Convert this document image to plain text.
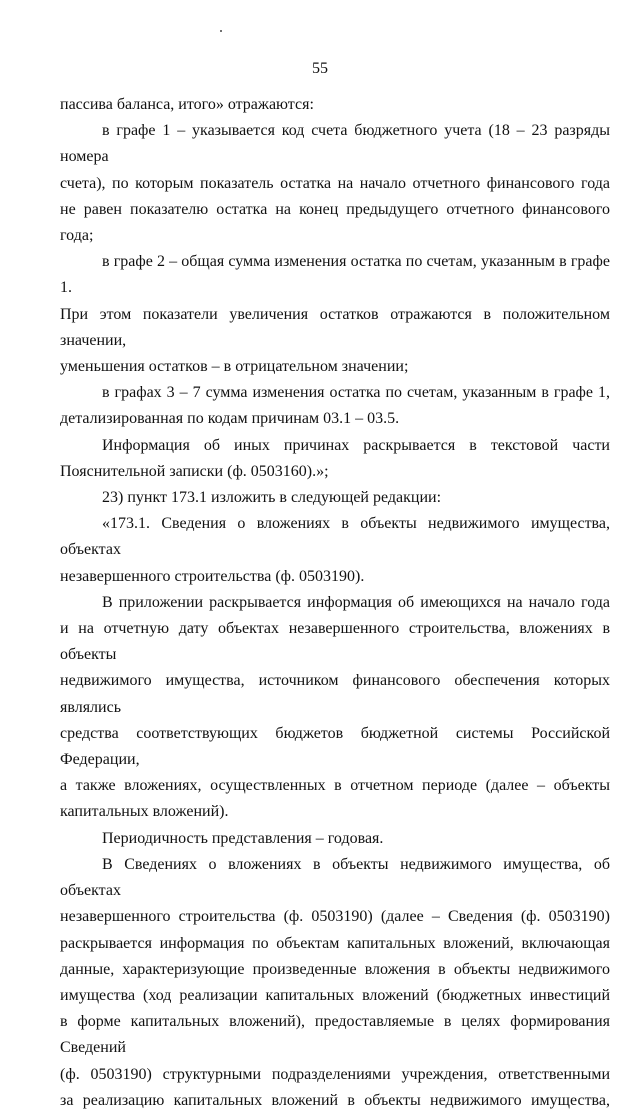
55
пассива баланса, итого» отражаются:
в графе 1 – указывается код счета бюджетного учета (18 – 23 разряды номера
счета), по которым показатель остатка на начало отчетного финансового года
не равен показателю остатка на конец предыдущего отчетного финансового года;
в графе 2 – общая сумма изменения остатка по счетам, указанным в графе 1.
При этом показатели увеличения остатков отражаются в положительном значении,
уменьшения остатков – в отрицательном значении;
в графах 3 – 7 сумма изменения остатка по счетам, указанным в графе 1,
детализированная по кодам причинам 03.1 – 03.5.
Информация об иных причинах раскрывается в текстовой части
Пояснительной записки (ф. 0503160).»;
23) пункт 173.1 изложить в следующей редакции:
«173.1. Сведения о вложениях в объекты недвижимого имущества, объектах
незавершенного строительства (ф. 0503190).
В приложении раскрывается информация об имеющихся на начало года
и на отчетную дату объектах незавершенного строительства, вложениях в объекты
недвижимого имущества, источником финансового обеспечения которых являлись
средства соответствующих бюджетов бюджетной системы Российской Федерации,
а также вложениях, осуществленных в отчетном периоде (далее – объекты
капитальных вложений).
Периодичность представления – годовая.
В Сведениях о вложениях в объекты недвижимого имущества, об объектах
незавершенного строительства (ф. 0503190) (далее – Сведения (ф. 0503190)
раскрывается информация по объектам капитальных вложений, включающая
данные, характеризующие произведенные вложения в объекты недвижимого
имущества (ход реализации капитальных вложений (бюджетных инвестиций
в форме капитальных вложений), предоставляемые в целях формирования Сведений
(ф. 0503190) структурными подразделениями учреждения, ответственными
за реализацию капитальных вложений в объекты недвижимого имущества,
